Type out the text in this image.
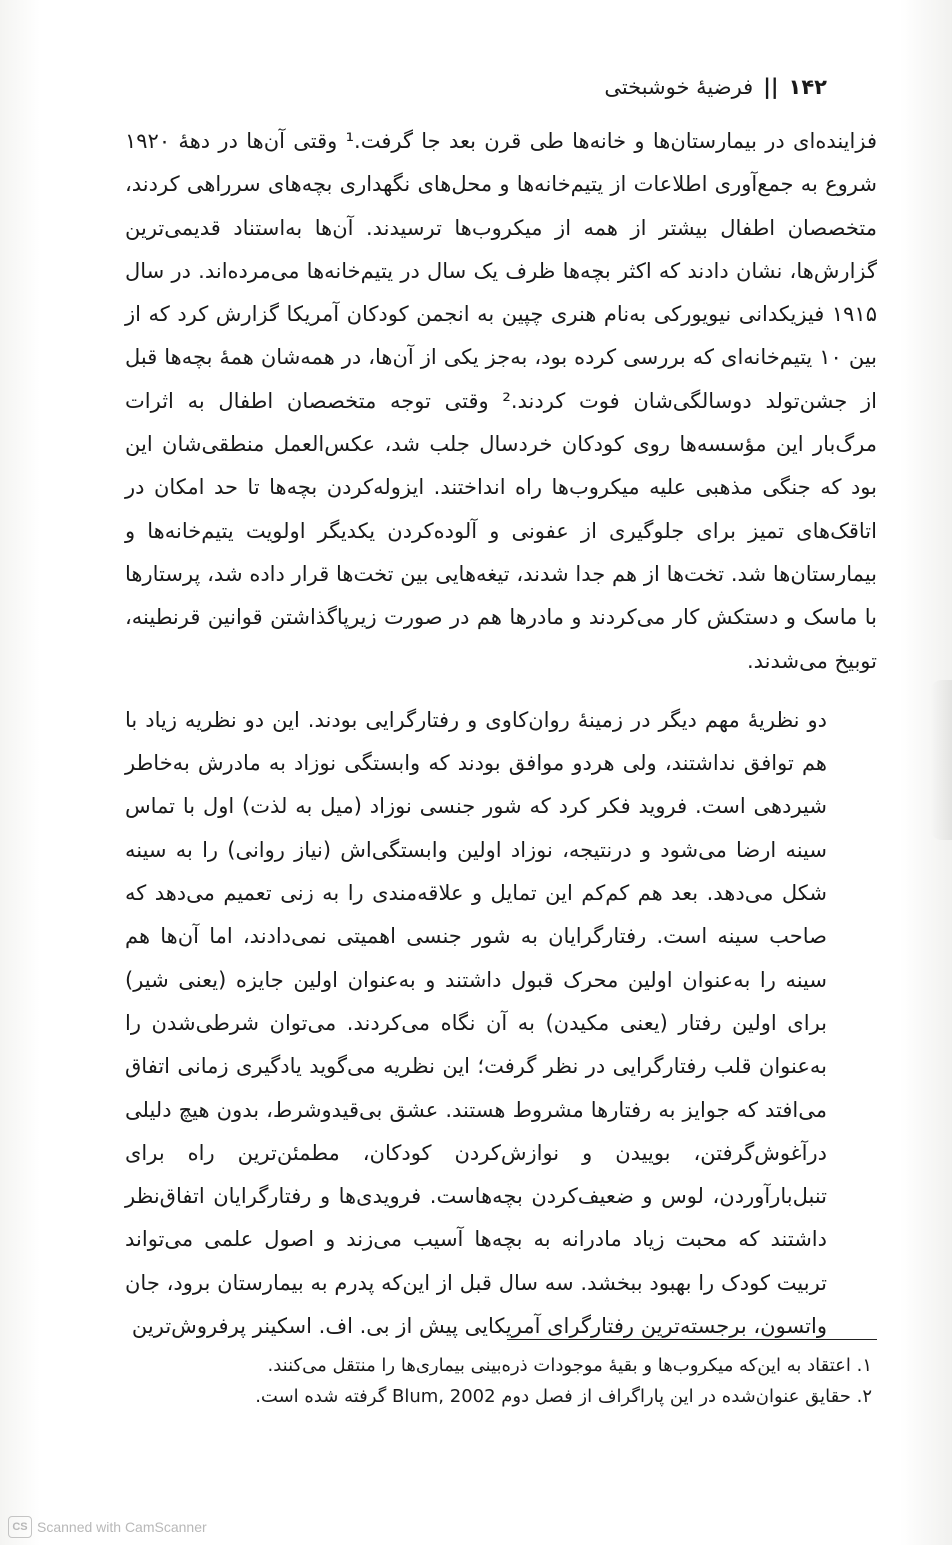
۱۴۲||فرضیهٔ خوشبختی

فزاینده‌ای در بیمارستان‌ها و خانه‌ها طی قرن بعد جا گرفت.¹ وقتی آن‌ها در دههٔ ۱۹۲۰ شروع به جمع‌آوری اطلاعات از یتیم‌خانه‌ها و محل‌های نگهداری بچه‌های سرراهی کردند، متخصصان اطفال بیشتر از همه از میکروب‌ها ترسیدند. آن‌ها به‌استناد قدیمی‌ترین گزارش‌ها، نشان دادند که اکثر بچه‌ها ظرف یک سال در یتیم‌خانه‌ها می‌مرده‌اند. در سال ۱۹۱۵ فیزیکدانی نیویورکی به‌نام هنری چپین به انجمن کودکان آمریکا گزارش کرد که از بین ۱۰ یتیم‌خانه‌ای که بررسی کرده بود، به‌جز یکی از آن‌ها، در همه‌شان همهٔ بچه‌ها قبل از جشن‌تولد دوسالگی‌شان فوت کردند.² وقتی توجه متخصصان اطفال به اثرات مرگ‌بار این مؤسسه‌ها روی کودکان خردسال جلب شد، عکس‌العمل منطقی‌شان این بود که جنگی مذهبی علیه میکروب‌ها راه انداختند. ایزوله‌کردن بچه‌ها تا حد امکان در اتاقک‌های تمیز برای جلوگیری از عفونی و آلوده‌کردن یکدیگر اولویت یتیم‌خانه‌ها و بیمارستان‌ها شد. تخت‌ها از هم جدا شدند، تیغه‌هایی بین تخت‌ها قرار داده شد، پرستارها با ماسک و دستکش کار می‌کردند و مادرها هم در صورت زیرپاگذاشتن قوانین قرنطینه، توبیخ می‌شدند.

دو نظریهٔ مهم دیگر در زمینهٔ روان‌کاوی و رفتارگرایی بودند. این دو نظریه زیاد با هم توافق نداشتند، ولی هردو موافق بودند که وابستگی نوزاد به مادرش به‌خاطر شیردهی است. فروید فکر کرد که شور جنسی نوزاد (میل به لذت) اول با تماس سینه ارضا می‌شود و درنتیجه، نوزاد اولین وابستگی‌اش (نیاز روانی) را به سینه شکل می‌دهد. بعد هم کم‌کم این تمایل و علاقه‌مندی را به زنی تعمیم می‌دهد که صاحب سینه است. رفتارگرایان به شور جنسی اهمیتی نمی‌دادند، اما آن‌ها هم سینه را به‌عنوان اولین محرک قبول داشتند و به‌عنوان اولین جایزه (یعنی شیر) برای اولین رفتار (یعنی مکیدن) به آن نگاه می‌کردند. می‌توان شرطی‌شدن را به‌عنوان قلب رفتارگرایی در نظر گرفت؛ این نظریه می‌گوید یادگیری زمانی اتفاق می‌افتد که جوایز به رفتارها مشروط هستند. عشق بی‌قیدوشرط، بدون هیچ دلیلی درآغوش‌گرفتن، بوییدن و نوازش‌کردن کودکان، مطمئن‌ترین راه برای تنبل‌بارآوردن، لوس و ضعیف‌کردن بچه‌هاست. فرویدی‌ها و رفتارگرایان اتفاق‌نظر داشتند که محبت زیاد مادرانه به بچه‌ها آسیب می‌زند و اصول علمی می‌تواند تربیت کودک را بهبود ببخشد. سه سال قبل از این‌که پدرم به بیمارستان برود، جان واتسون، برجسته‌ترین رفتارگرای آمریکایی پیش از بی. اف. اسکینر پرفروش‌ترین

۱. اعتقاد به این‌که میکروب‌ها و بقیهٔ موجودات ذره‌بینی بیماری‌ها را منتقل می‌کنند.
۲. حقایق عنوان‌شده در این پاراگراف از فصل دوم Blum, 2002 گرفته شده است.
CS Scanned with CamScanner
